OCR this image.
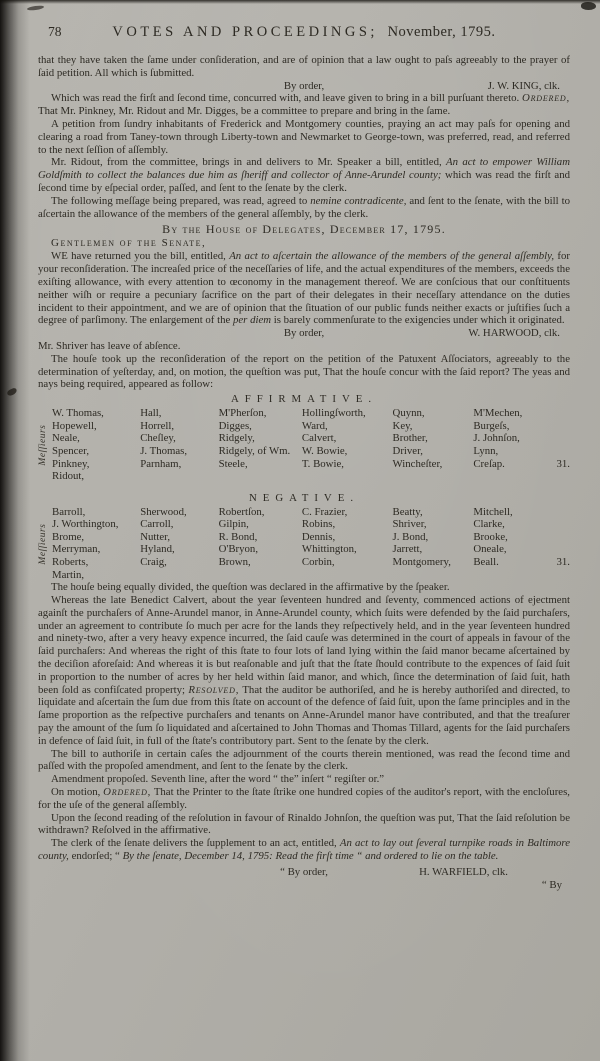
78	VOTES AND PROCEEDINGS; November, 1795.

that they have taken the ſame under conſideration, and are of opinion that a law ought to paſs agreeably to the prayer of ſaid petition. All which is ſubmitted.

By order,	J. W. KING, clk.

Which was read the firſt and ſecond time, concurred with, and leave given to bring in a bill purſuant thereto. Ordered, That Mr. Pinkney, Mr. Ridout and Mr. Digges, be a committee to prepare and bring in the ſame.

A petition from ſundry inhabitants of Frederick and Montgomery counties, praying an act may paſs for opening and clearing a road from Taney-town through Liberty-town and Newmarket to George-town, was preferred, read, and referred to the next ſeſſion of aſſembly.

Mr. Ridout, from the committee, brings in and delivers to Mr. Speaker a bill, entitled, An act to empower William Goldſmith to collect the balances due him as ſheriff and collector of Anne-Arundel county; which was read the firſt and ſecond time by eſpecial order, paſſed, and ſent to the ſenate by the clerk.

The following meſſage being prepared, was read, agreed to nemine contradicente, and ſent to the ſenate, with the bill to aſcertain the allowance of the members of the general aſſembly, by the clerk.

By the House of Delegates, December 17, 1795.
Gentlemen of the Senate,

WE have returned you the bill, entitled, An act to aſcertain the allowance of the members of the general aſſembly, for your reconſideration. The increaſed price of the neceſſaries of life, and the actual expenditures of the members, exceeds the exiſting allowance, with every attention to œconomy in the management thereof. We are conſcious that our conſtituents neither wiſh or require a pecuniary ſacrifice on the part of their delegates in their neceſſary attendance on the duties incident to their appointment, and we are of opinion that the ſituation of our public funds neither exacts or juſtifies ſuch a degree of parſimony. The enlargement of the per diem is barely commenſurate to the exigencies under which it originated.

By order,	W. HARWOOD, clk.

Mr. Shriver has leave of abſence.

The houſe took up the reconſideration of the report on the petition of the Patuxent Aſſociators, agreeably to the determination of yeſterday, and, on motion, the queſtion was put, That the houſe concur with the ſaid report? The yeas and nays being required, appeared as follow:

AFFIRMATIVE.
Meſſieurs
W. Thomas,	Hall,	M'Pherſon,	Hollingſworth,	Quynn,	M'Mechen,
Hopewell,	Horrell,	Digges,	Ward,	Key,	Burgeſs,
Neale,	Cheſley,	Ridgely,	Calvert,	Brother,	J. Johnſon,
Spencer,	J. Thomas,	Ridgely, of Wm.	W. Bowie,	Driver,	Lynn,
Pinkney,	Parnham,	Steele,	T. Bowie,	Wincheſter,	Creſap.
Ridout,
31.
NEGATIVE.
Meſſieurs
Barroll,	Sherwood,	Robertſon,	C. Frazier,	Beatty,	Mitchell,
J. Worthington,	Carroll,	Gilpin,	Robins,	Shriver,	Clarke,
Brome,	Nutter,	R. Bond,	Dennis,	J. Bond,	Brooke,
Merryman,	Hyland,	O'Bryon,	Whittington,	Jarrett,	Oneale,
Roberts,	Craig,	Brown,	Corbin,	Montgomery,	Beall.
Martin,
31.

The houſe being equally divided, the queſtion was declared in the affirmative by the ſpeaker.

Whereas the late Benedict Calvert, about the year ſeventeen hundred and ſeventy, commenced actions of ejectment againſt the purchaſers of Anne-Arundel manor, in Anne-Arundel county, which ſuits were defended by the ſaid purchaſers, under an agreement to contribute ſo much per acre for the lands they reſpectively held, and in the year ſeventeen hundred and ninety-two, after a very heavy expence incurred, the ſaid cauſe was determined in the court of appeals in favour of the ſaid purchaſers: And whereas the right of this ſtate to four lots of land lying within the ſaid manor became aſcertained by the deciſion aforeſaid: And whereas it is but reaſonable and juſt that the ſtate ſhould contribute to the expences of ſaid ſuit in proportion to the number of acres by her held within ſaid manor, and which, ſince the determination of ſaid ſuit, hath been ſold as confiſcated property; Resolved, That the auditor be authoriſed, and he is hereby authoriſed and directed, to liquidate and aſcertain the ſum due from this ſtate on account of the defence of ſaid ſuit, upon the ſame principles and in the ſame proportion as the reſpective purchaſers and tenants on Anne-Arundel manor have contributed, and that the treaſurer pay the amount of the ſum ſo liquidated and aſcertained to John Thomas and Thomas Tillard, agents for the ſaid purchaſers in defence of ſaid ſuit, in full of the ſtate's contributory part. Sent to the ſenate by the clerk.

The bill to authoriſe in certain caſes the adjournment of the courts therein mentioned, was read the ſecond time and paſſed with the propoſed amendment, and ſent to the ſenate by the clerk.

Amendment propoſed. Seventh line, after the word “ the” inſert “ regiſter or.”

On motion, Ordered, That the Printer to the ſtate ſtrike one hundred copies of the auditor's report, with the encloſures, for the uſe of the general aſſembly.

Upon the ſecond reading of the reſolution in favour of Rinaldo Johnſon, the queſtion was put, That the ſaid reſolution be withdrawn? Reſolved in the affirmative.

The clerk of the ſenate delivers the ſupplement to an act, entitled, An act to lay out ſeveral turnpike roads in Baltimore county, endorſed; “ By the ſenate, December 14, 1795: Read the firſt time “ and ordered to lie on the table.

“ By order,	H. WARFIELD, clk.
“ By
